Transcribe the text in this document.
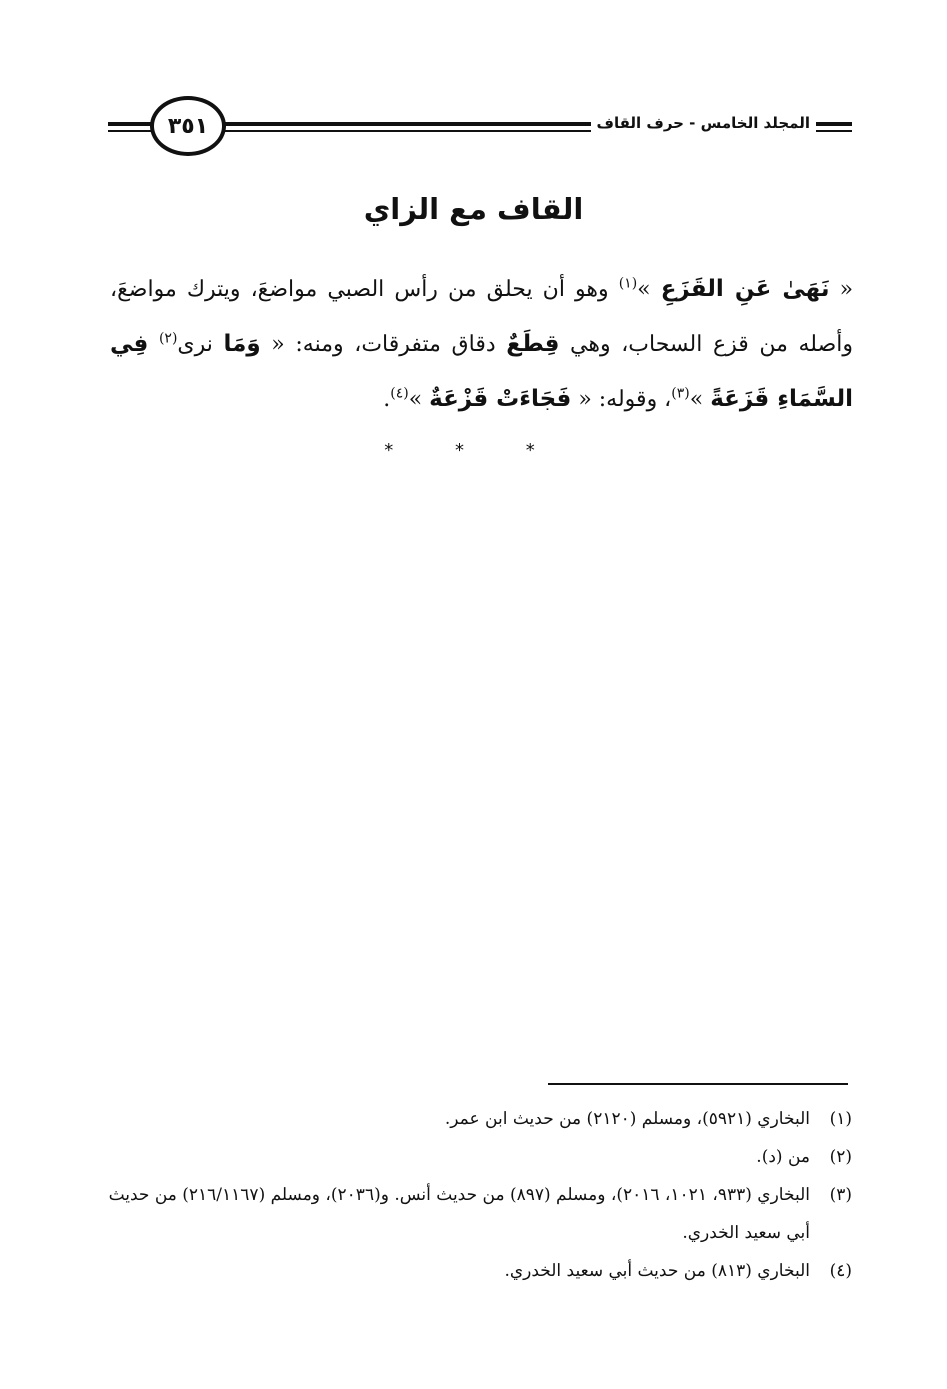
٣٥١	المجلد الخامس - حرف القاف
القاف مع الزاي
« نَهَىٰ عَنِ القَزَعِ »$^{(١)}$ وهو أن يحلق من رأس الصبي مواضعَ، ويترك مواضعَ، وأصله من قزع السحاب، وهي قِطَعٌ دقاق متفرقات، ومنه: « وَمَا نرى$^{(٢)}$ فِي السَّمَاءِ قَزَعَةً »$^{(٣)}$، وقوله: « فَجَاءَتْ قَزْعَةٌ »$^{(٤)}$.
* * *
(١)
البخاري (٥٩٢١)، ومسلم (٢١٢٠) من حديث ابن عمر.
(٢)
من (د).
(٣)
البخاري (٩٣٣، ١٠٢١، ٢٠١٦)، ومسلم (٨٩٧) من حديث أنس. و(٢٠٣٦)، ومسلم (٢١٦/١١٦٧) من حديث أبي سعيد الخدري.
(٤)
البخاري (٨١٣) من حديث أبي سعيد الخدري.
